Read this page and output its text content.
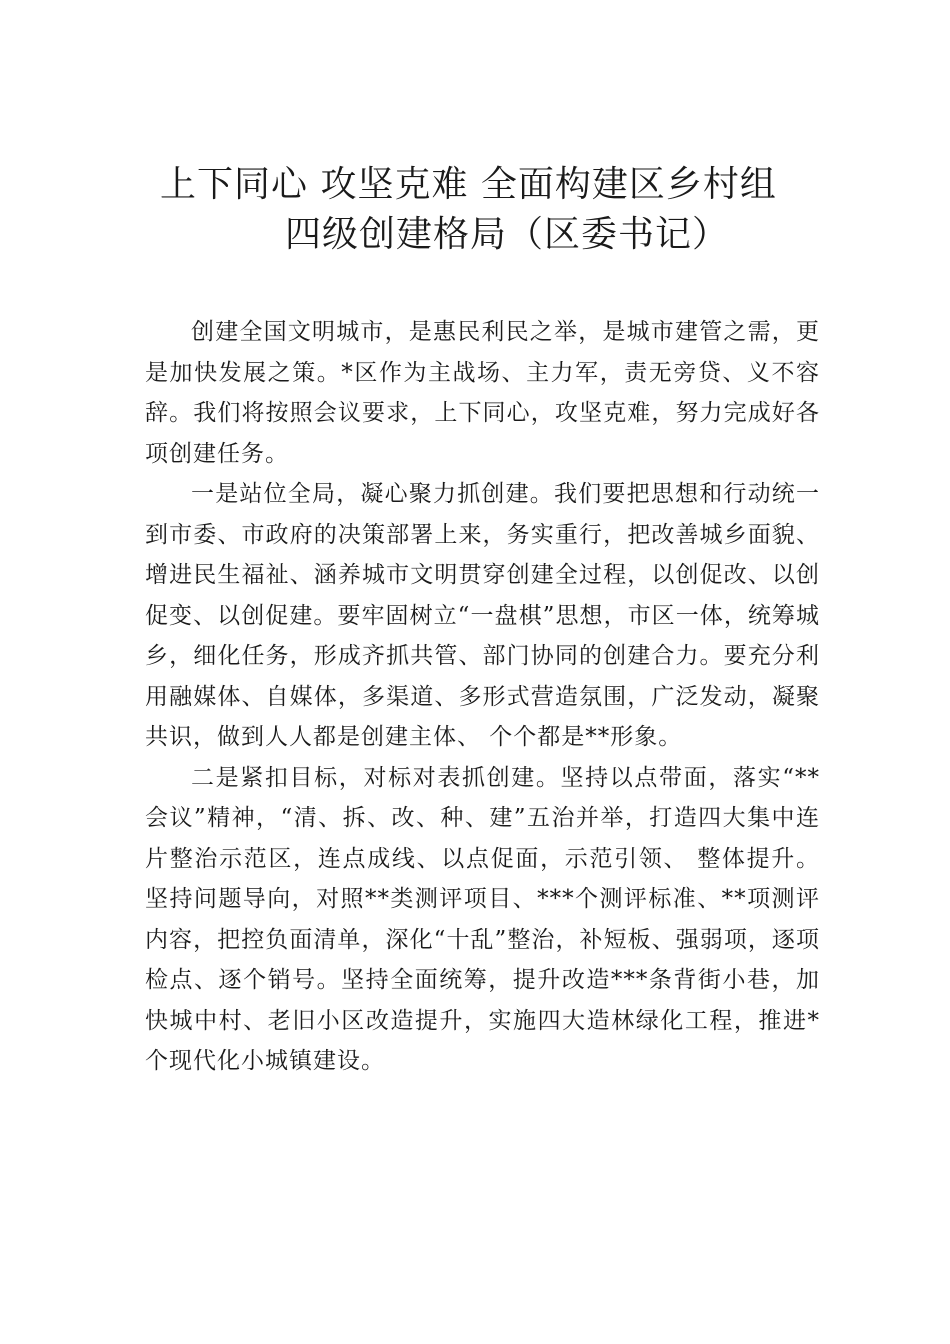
上下同心 攻坚克难 全面构建区乡村组
四级创建格局（区委书记）

创建全国文明城市，是惠民利民之举，是城市建管之需，更是加快发展之策。*区作为主战场、主力军，责无旁贷、义不容辞。我们将按照会议要求，上下同心，攻坚克难，努力完成好各项创建任务。

一是站位全局，凝心聚力抓创建。我们要把思想和行动统一到市委、市政府的决策部署上来，务实重行，把改善城乡面貌、增进民生福祉、涵养城市文明贯穿创建全过程，以创促改、以创促变、以创促建。要牢固树立“一盘棋”思想，市区一体，统筹城乡，细化任务，形成齐抓共管、部门协同的创建合力。要充分利用融媒体、自媒体，多渠道、多形式营造氛围，广泛发动，凝聚共识，做到人人都是创建主体、 个个都是**形象。

二是紧扣目标，对标对表抓创建。坚持以点带面，落实“**会议”精神，“清、拆、改、种、建”五治并举，打造四大集中连片整治示范区，连点成线、以点促面，示范引领、 整体提升。坚持问题导向，对照**类测评项目、***个测评标准、**项测评内容，把控负面清单，深化“十乱”整治，补短板、强弱项，逐项检点、逐个销号。坚持全面统筹，提升改造***条背街小巷，加快城中村、老旧小区改造提升，实施四大造林绿化工程，推进*个现代化小城镇建设。
